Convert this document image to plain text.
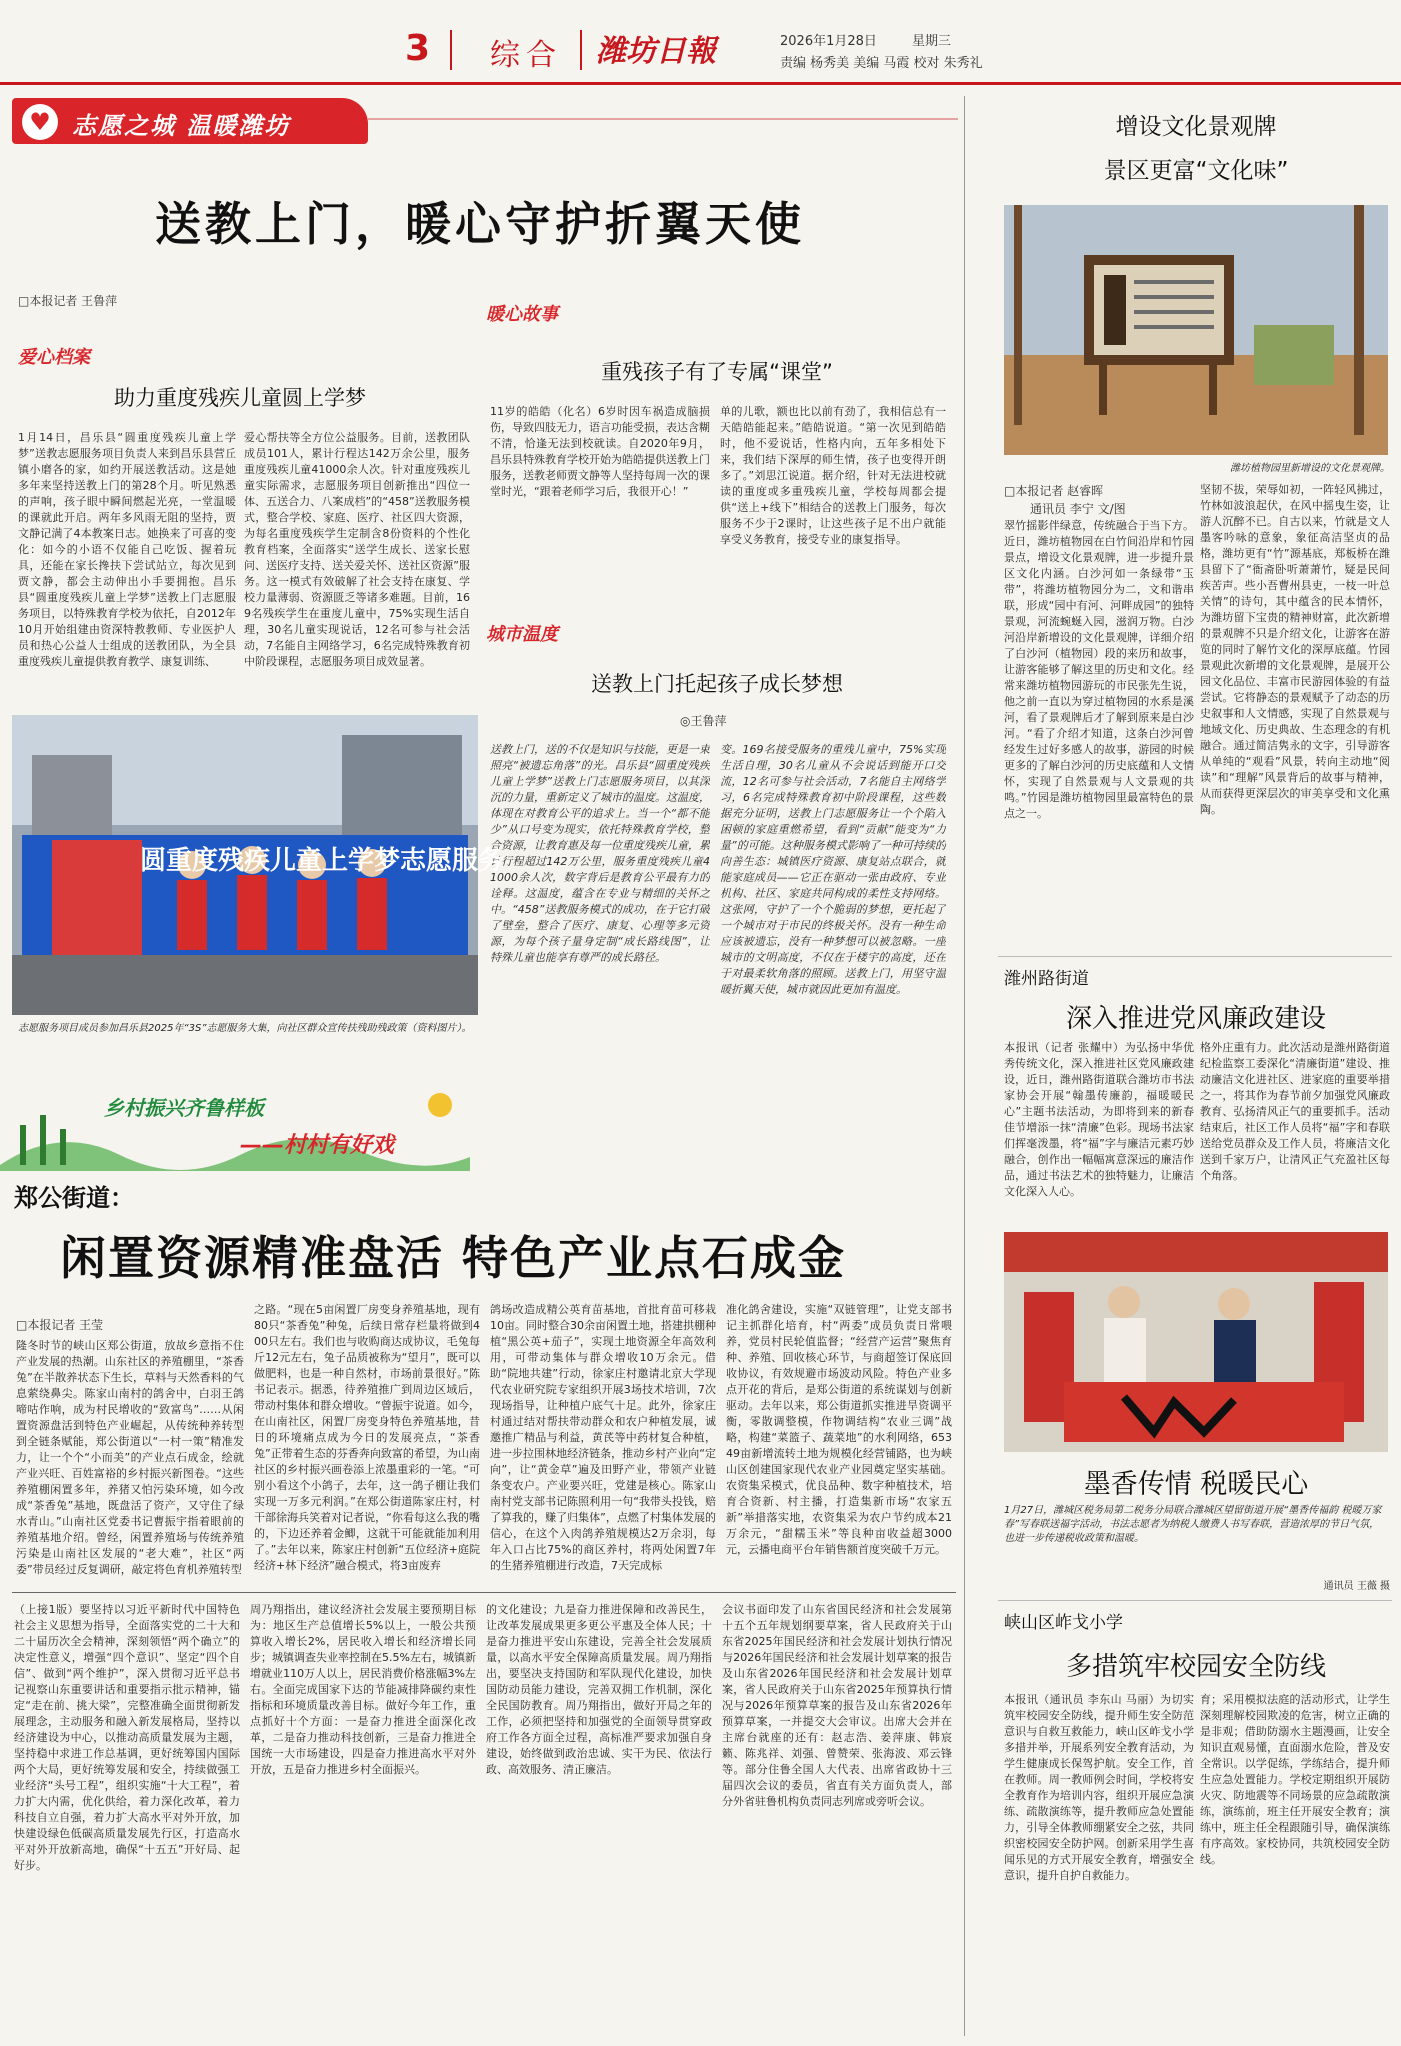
3 综合 潍坊日報	2026年1月28日	星期三
责编 杨秀美 美编 马霞 校对 朱秀礼
♥ 志愿之城 温暖潍坊
送教上门，暖心守护折翼天使
□本报记者 王鲁萍
爱心档案
助力重度残疾儿童圆上学梦
1月14日，昌乐县“圆重度残疾儿童上学梦”送教志愿服务项目负责人来到昌乐县营丘镇小磨各的家，如约开展送教活动。这是她多年来坚持送教上门的第28个月。听见熟悉的声响，孩子眼中瞬间燃起光亮，一堂温暖的课就此开启。两年多风雨无阻的坚持，贾文静记满了4本教案日志。她换来了可喜的变化：如今的小语不仅能自己吃饭、握着玩具，还能在家长搀扶下尝试站立，每次见到贾文静，都会主动伸出小手要拥抱。昌乐县“圆重度残疾儿童上学梦”送教上门志愿服务项目，以特殊教育学校为依托，自2012年10月开始组建由资深特教教师、专业医护人员和热心公益人士组成的送教团队，为全县重度残疾儿童提供教育教学、康复训练、
爱心帮扶等全方位公益服务。目前，送教团队成员101人，累计行程达142万余公里，服务重度残疾儿童41000余人次。针对重度残疾儿童实际需求，志愿服务项目创新推出“四位一体、五送合力、八案成档”的“458”送教服务模式，整合学校、家庭、医疗、社区四大资源，为每名重度残疾学生定制含8份资料的个性化教育档案，全面落实“送学生成长、送家长慰问、送医疗支持、送关爱关怀、送社区资源”服务。这一模式有效破解了社会支持在康复、学校力量薄弱、资源匮乏等诸多难题。目前，169名残疾学生在重度儿童中，75%实现生活自理，30名儿童实现说话，12名可参与社会活动，7名能自主网络学习，6名完成特殊教育初中阶段课程，志愿服务项目成效显著。
暖心故事
重残孩子有了专属“课堂”
11岁的皓皓（化名）6岁时因车祸造成脑损伤，导致四肢无力，语言功能受损，表达含糊不清，恰逢无法到校就读。自2020年9月，昌乐县特殊教育学校开始为皓皓提供送教上门服务，送教老师贾文静等人坚持每周一次的课堂时光，“跟着老师学习后，我很开心！”
单的儿歌，额也比以前有劲了，我相信总有一天皓皓能起来。”皓皓说道。“第一次见到皓皓时，他不爱说话，性格内向，五年多相处下来，我们结下深厚的师生情，孩子也变得开朗多了。”刘思江说道。据介绍，针对无法进校就读的重度或多重残疾儿童，学校每周都会提供“送上+线下”相结合的送教上门服务，每次服务不少于2课时，让这些孩子足不出户就能享受义务教育，接受专业的康复指导。
城市温度
送教上门托起孩子成长梦想
◎王鲁萍
送教上门，送的不仅是知识与技能，更是一束照亮“被遗忘角落”的光。昌乐县“圆重度残疾儿童上学梦”送教上门志愿服务项目，以其深沉的力量，重新定义了城市的温度。这温度，体现在对教育公平的追求上。当一个“都不能少”从口号变为现实，依托特殊教育学校，整合资源，让教育惠及每一位重度残疾儿童，累计行程超过142万公里，服务重度残疾儿童41000余人次，数字背后是教育公平最有力的诠释。这温度，蕴含在专业与精细的关怀之中。“458”送教服务模式的成功，在于它打破了壁垒，整合了医疗、康复、心理等多元资源，为每个孩子量身定制“成长路线图”，让特殊儿童也能享有尊严的成长路径。
变。169名接受服务的重残儿童中，75%实现生活自理，30名儿童从不会说话到能开口交流，12名可参与社会活动，7名能自主网络学习，6名完成特殊教育初中阶段课程，这些数据充分证明，送教上门志愿服务让一个个陷入困顿的家庭重燃希望，看到“贡献”能变为“力量”的可能。这种服务模式影响了一种可持续的向善生态：城镇医疗资源、康复站点联合，就能家庭成员——它正在驱动一张由政府、专业机构、社区、家庭共同构成的柔性支持网络。这张网，守护了一个个脆弱的梦想，更托起了一个城市对于市民的终极关怀。没有一种生命应该被遗忘，没有一种梦想可以被忽略。一座城市的文明高度，不仅在于楼宇的高度，还在于对最柔软角落的照顾。送教上门，用坚守温暖折翼天使，城市就因此更加有温度。
圆重度残疾儿童上学梦志愿服务
志愿服务项目成员参加昌乐县2025年“3S”志愿服务大集，向社区群众宣传扶残助残政策（资料图片）。
乡村振兴齐鲁样板
——村村有好戏
郑公街道：
闲置资源精准盘活 特色产业点石成金
□本报记者 王莹
隆冬时节的峡山区郑公街道，放故乡意指不住产业发展的热潮。山东社区的养殖棚里，“茶香兔”在半散养状态下生长，草料与天然香料的气息萦绕鼻尖。陈家山南村的鸽舍中，白羽王鸽啼咕作响，成为村民增收的“致富鸟”……从闲置资源盘活到特色产业崛起，从传统种养转型到全链条赋能，郑公街道以“一村一策”精准发力，让一个个“小而美”的产业点石成金，绘就产业兴旺、百姓富裕的乡村振兴新图卷。“这些养殖棚闲置多年，养猪又怕污染环境，如今改成“茶香兔”基地，既盘活了资产，又守住了绿水青山。”山南社区党委书记曹振宇指着眼前的养殖基地介绍。曾经，闲置养殖场与传统养殖污染是山南社区发展的“老大难”，社区“两委”带员经过反复调研，敲定将色育机养殖转型
之路。“现在5亩闲置厂房变身养殖基地，现有80只“茶香兔”种兔，后续日常存栏量将做到400只左右。我们也与收购商达成协议，毛兔每斤12元左右，兔子品质被称为“望月”，既可以做肥料，也是一种自然材，市场前景很好。”陈书记表示。据悉，待养殖推广到周边区域后，带动村集体和群众增收。“曾振宇说道。如今，在山南社区，闲置厂房变身特色养殖基地，昔日的环境痛点成为今日的发展亮点，“茶香兔”正带着生态的芬香奔向致富的希望，为山南社区的乡村振兴画卷添上浓墨重彩的一笔。“可别小看这个小鸽子，去年，这一鸽子棚让我们实现一万多元利润。”在郑公街道陈家庄村，村干部徐海兵笑着对记者说，“你看每这么我的嘴的，下边还养着金鲫，这就干可能就能加利用了。”去年以来，陈家庄村创新“五位经济+庭院经济+林下经济”融合模式，将3亩废弃
鸽场改造成精公英育苗基地，首批育苗可移栽10亩。同时整合30余亩闲置土地，搭建拱棚种植“黑公英+茄子”，实现土地资源全年高效利用，可带动集体与群众增收10万余元。借助“院地共建”行动，徐家庄村邀请北京大学现代农业研究院专家组织开展3场技术培训，7次现场指导，让种植户底气十足。此外，徐家庄村通过结对帮扶带动群众和农户种植发展，诚邀推广精品与利益，黄芪等中药材复合种植，进一步拉围林地经济链条，推动乡村产业向“定向”，让“黄金草”遍及田野产业，带领产业链条变农户。产业要兴旺，党建是核心。陈家山南村党支部书记陈照利用一句“我带头投钱，赔了算我的，赚了归集体”，点燃了村集体发展的信心，在这个入肉鸽养殖规模达2万余羽，每年入口占比75%的商区养村，将两处闲置7年的生猪养殖棚进行改造，7天完成标
准化鸽舍建设，实施“双链管理”，让党支部书记主抓群化培育，村“两委”成员负责日常喂养，党员村民轮值监督；“经营产运营”聚焦育种、养殖、回收核心环节，与商超签订保底回收协议，有效规避市场波动风险。特色产业多点开花的背后，是郑公街道的系统谋划与创新驱动。去年以来，郑公街道抓实推进旱资调平衡，零散调整模，作物调结构“农业三调”战略，构建“菜篮子、蔬菜地”的水利网络，65349亩新增流转土地为规模化经营铺路，也为峡山区创建国家现代农业产业园奠定坚实基础。农资集采模式，优良品种、数字种植技术，培育合资新、村主播，打造集新市场“农家五新”举措落实地，农资集采为农户节约成本21万余元，“甜糯玉米”等良种亩收益超3000元，云播电商平台年销售额首度突破千万元。
（上接1版）要坚持以习近平新时代中国特色社会主义思想为指导，全面落实党的二十大和二十届历次全会精神，深刻领悟“两个确立”的决定性意义，增强“四个意识”、坚定“四个自信”、做到“两个维护”，深入贯彻习近平总书记视察山东重要讲话和重要指示批示精神，锚定“走在前、挑大梁”，完整准确全面贯彻新发展理念，主动服务和融入新发展格局，坚持以经济建设为中心，以推动高质量发展为主题，坚持稳中求进工作总基调，更好统筹国内国际两个大局，更好统筹发展和安全，持续做强工业经济“头号工程”，组织实施“十大工程”，着力扩大内需，优化供给，着力深化改革，着力科技自立自强，着力扩大高水平对外开放，加快建设绿色低碳高质量发展先行区，打造高水平对外开放新高地，确保“十五五”开好局、起好步。
周乃翔指出，建议经济社会发展主要预期目标为：地区生产总值增长5%以上，一般公共预算收入增长2%，居民收入增长和经济增长同步；城镇调查失业率控制在5.5%左右，城镇新增就业110万人以上，居民消费价格涨幅3%左右。全面完成国家下达的节能减排降碳约束性指标和环境质量改善目标。做好今年工作，重点抓好十个方面：一是奋力推进全面深化改革，二是奋力推动科技创新，三是奋力推进全国统一大市场建设，四是奋力推进高水平对外开放，五是奋力推进乡村全面振兴。
的文化建设；九是奋力推进保障和改善民生，让改革发展成果更多更公平惠及全体人民；十是奋力推进平安山东建设，完善全社会发展质量，以高水平安全保障高质量发展。周乃翔指出，要坚决支持国防和军队现代化建设，加快国防动员能力建设，完善双拥工作机制，深化全民国防教育。周乃翔指出，做好开局之年的工作，必须把坚持和加强党的全面领导贯穿政府工作各方面全过程，高标准严要求加强自身建设，始终做到政治忠诚、实干为民、依法行政、高效服务、清正廉洁。
会议书面印发了山东省国民经济和社会发展第十五个五年规划纲要草案，省人民政府关于山东省2025年国民经济和社会发展计划执行情况与2026年国民经济和社会发展计划草案的报告及山东省2026年国民经济和社会发展计划草案，省人民政府关于山东省2025年预算执行情况与2026年预算草案的报告及山东省2026年预算草案，一并提交大会审议。出席大会并在主席台就座的还有：赵志浩、姜萍康、韩宸籁、陈兆祥、刘强、曾赞荣、张海波、邓云锋等。部分住鲁全国人大代表、出席省政协十三届四次会议的委员，省直有关方面负责人，部分外省驻鲁机构负责同志列席或旁听会议。
增设文化景观牌
景区更富“文化味”
潍坊植物园里新增设的文化景观牌。
□本报记者 赵睿晖
通讯员 李宁 文/图
翠竹摇影伴绿意，传统融合于当下方。近日，潍坊植物园在白竹间沿岸和竹园景点，增设文化景观牌，进一步提升景区文化内涵。白沙河如一条绿带“玉带”，将潍坊植物园分为二，文和谐串联，形成“园中有河、河畔成园”的独特景观，河流蜿蜒入园，滋润万物。白沙河沿岸新增设的文化景观牌，详细介绍了白沙河（植物园）段的来历和故事，让游客能够了解这里的历史和文化。经常来潍坊植物园游玩的市民张先生说，他之前一直以为穿过植物园的水系是溪河，看了景观牌后才了解到原来是白沙河。“看了介绍才知道，这条白沙河曾经发生过好多感人的故事，游园的时候更多的了解白沙河的历史底蕴和人文情怀，实现了自然景观与人文景观的共鸣。”竹园是潍坊植物园里最富特色的景点之一。
坚韧不拔，荣辱如初，一阵轻风拂过，竹林如波浪起伏，在风中摇曳生姿，让游人沉醉不已。自古以来，竹就是文人墨客吟咏的意象，象征高洁坚贞的品格，潍坊更有“竹”源基底，郑板桥在潍县留下了“衙斋卧听萧萧竹，疑是民间疾苦声。些小吾曹州县吏，一枝一叶总关情”的诗句，其中蕴含的民本情怀，为潍坊留下宝贵的精神财富，此次新增的景观牌不只是介绍文化，让游客在游览的同时了解竹文化的深厚底蕴。竹园景观此次新增的文化景观牌，是展开公园文化品位、丰富市民游园体验的有益尝试。它将静态的景观赋予了动态的历史叙事和人文情感，实现了自然景观与地域文化、历史典故、生态理念的有机融合。通过简洁隽永的文字，引导游客从单纯的“观看”风景，转向主动地“阅读”和“理解”风景背后的故事与精神，从而获得更深层次的审美享受和文化熏陶。
潍州路街道
深入推进党风廉政建设
本报讯（记者 张耀中）为弘扬中华优秀传统文化，深入推进社区党风廉政建设，近日，潍州路街道联合潍坊市书法家协会开展“翰墨传廉韵，福暖暖民心”主题书法活动，为即将到来的新春佳节增添一抹“清廉”色彩。现场书法家们挥毫泼墨，将“福”字与廉洁元素巧妙融合，创作出一幅幅寓意深远的廉洁作品，通过书法艺术的独特魅力，让廉洁文化深入人心。
格外庄重有力。此次活动是潍州路街道纪检监察工委深化“清廉街道”建设、推动廉洁文化进社区、进家庭的重要举措之一，将其作为春节前夕加强党风廉政教育、弘扬清风正气的重要抓手。活动结束后，社区工作人员将“福”字和春联送给党员群众及工作人员，将廉洁文化送到千家万户，让清风正气充盈社区每个角落。
墨香传情 税暖民心
1月27日，潍城区税务局第二税务分局联合潍城区望留街道开展“墨香传福韵 税暖万家春”写春联送福字活动，书法志愿者为纳税人缴费人书写春联，营造浓厚的节日气氛，也进一步传递税收政策和温暖。
通讯员 王薇 摄
峡山区岞戈小学
多措筑牢校园安全防线
本报讯（通讯员 李东山 马丽）为切实筑牢校园安全防线，提升师生安全防范意识与自救互救能力，峡山区岞戈小学多措并举，开展系列安全教育活动，为学生健康成长保驾护航。安全工作，首在教师。周一教师例会时间，学校将安全教育作为培训内容，组织开展应急演练、疏散演练等，提升教师应急处置能力，引导全体教师绷紧安全之弦，共同织密校园安全防护网。创新采用学生喜闻乐见的方式开展安全教育，增强安全意识，提升自护自救能力。
育；采用模拟法庭的活动形式，让学生深刻理解校园欺凌的危害，树立正确的是非观；借助防溺水主题漫画，让安全知识直观易懂，直面溺水危险，普及安全常识。以学促练，学练结合，提升师生应急处置能力。学校定期组织开展防火灾、防地震等不同场景的应急疏散演练，演练前，班主任开展安全教育；演练中，班主任全程跟随引导，确保演练有序高效。家校协同，共筑校园安全防线。
